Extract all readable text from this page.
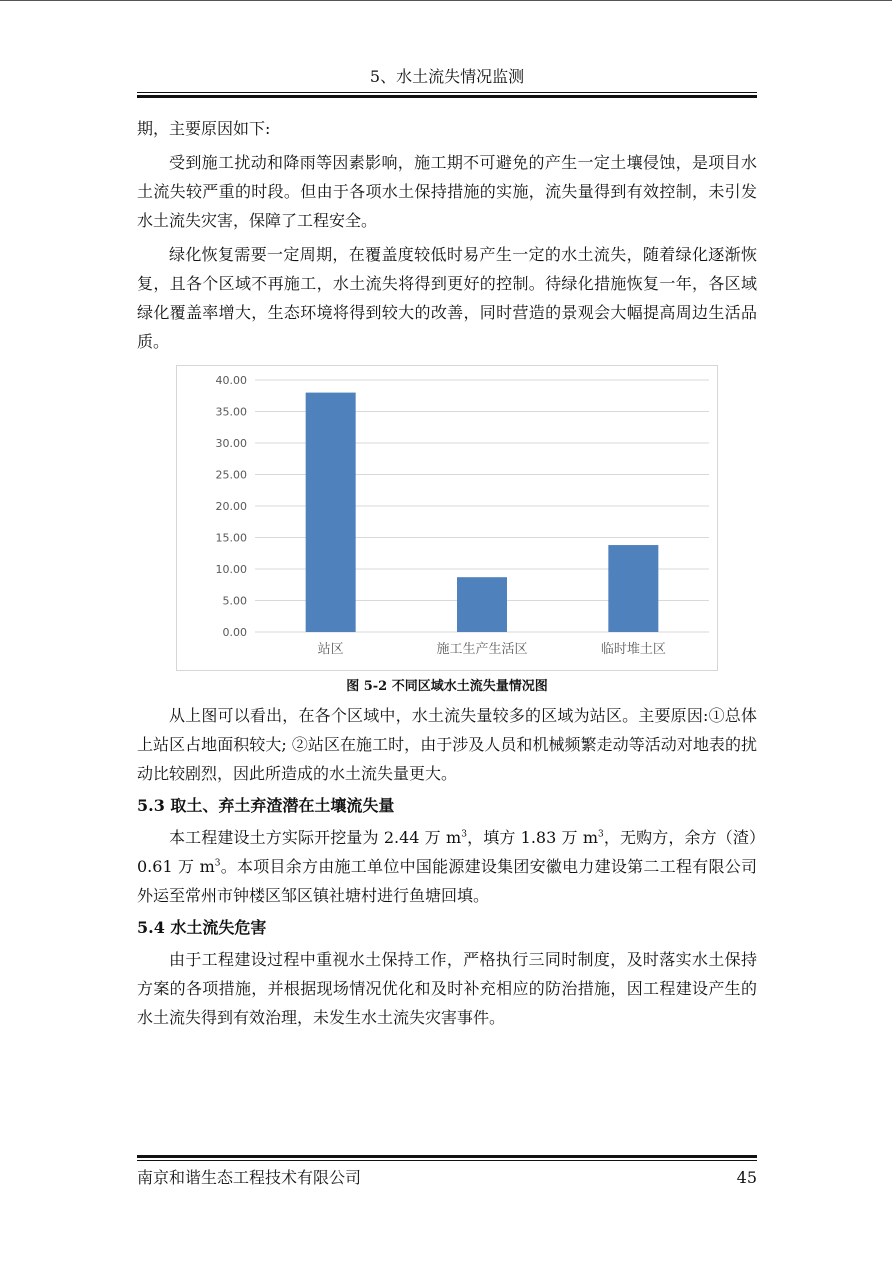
5、水土流失情况监测

期，主要原因如下:

受到施工扰动和降雨等因素影响，施工期不可避免的产生一定土壤侵蚀，是项目水土流失较严重的时段。但由于各项水土保持措施的实施，流失量得到有效控制，未引发水土流失灾害，保障了工程安全。

绿化恢复需要一定周期，在覆盖度较低时易产生一定的水土流失，随着绿化逐渐恢复，且各个区域不再施工，水土流失将得到更好的控制。待绿化措施恢复一年，各区域绿化覆盖率增大，生态环境将得到较大的改善，同时营造的景观会大幅提高周边生活品质。

0.00
5.00
10.00
15.00
20.00
25.00
30.00
35.00
40.00
站区	施工生产生活区	临时堆土区
图 5-2 不同区域水土流失量情况图

从上图可以看出，在各个区域中，水土流失量较多的区域为站区。主要原因:①总体上站区占地面积较大; ②站区在施工时，由于涉及人员和机械频繁走动等活动对地表的扰动比较剧烈，因此所造成的水土流失量更大。

5.3 取土、弃土弃渣潜在土壤流失量

本工程建设土方实际开挖量为 2.44 万 $m^3$，填方 1.83 万 $m^3$，无购方，余方（渣）0.61 万 $m^3$。本项目余方由施工单位中国能源建设集团安徽电力建设第二工程有限公司外运至常州市钟楼区邹区镇社塘村进行鱼塘回填。

5.4 水土流失危害

由于工程建设过程中重视水土保持工作，严格执行三同时制度，及时落实水土保持方案的各项措施，并根据现场情况优化和及时补充相应的防治措施，因工程建设产生的水土流失得到有效治理，未发生水土流失灾害事件。

南京和谐生态工程技术有限公司	45
